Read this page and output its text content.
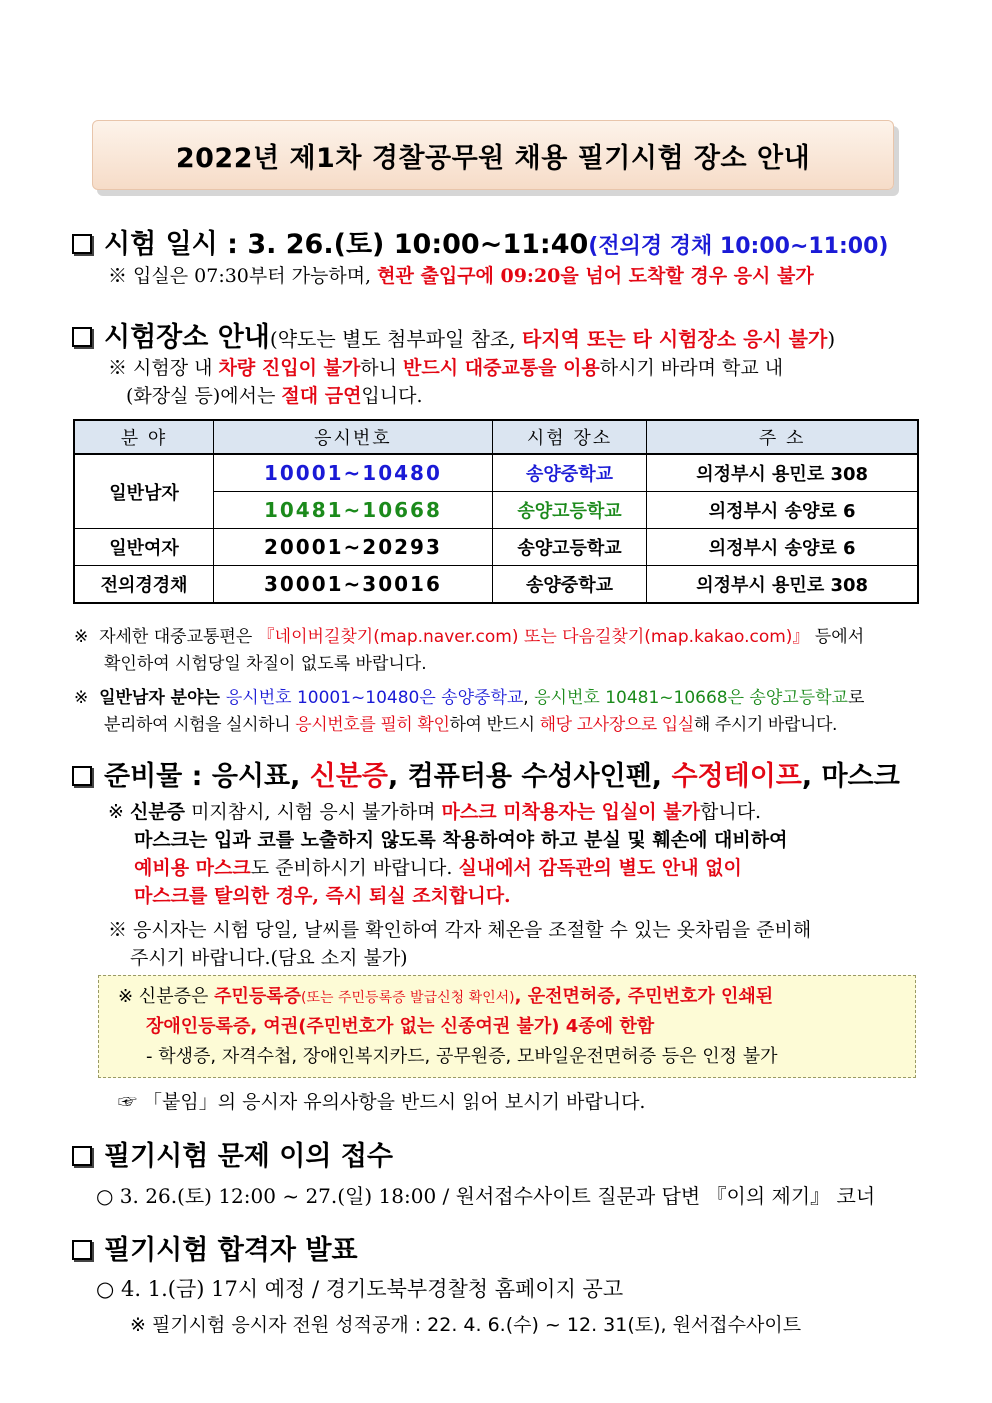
2022년 제1차 경찰공무원 채용 필기시험 장소 안내
시험 일시 : 3. 26.(토) 10:00~11:40(전의경 경채 10:00~11:00)
※ 입실은 07:30부터 가능하며, 현관 출입구에 09:20을 넘어 도착할 경우 응시 불가
시험장소 안내(약도는 별도 첨부파일 참조, 타지역 또는 타 시험장소 응시 불가)
※ 시험장 내 차량 진입이 불가하니 반드시 대중교통을 이용하시기 바라며 학교 내
(화장실 등)에서는 절대 금연입니다.
분 야	응시번호	시험 장소	주 소
일반남자	10001~10480	송양중학교	의정부시 용민로 308
	10481~10668	송양고등학교	의정부시 송양로 6
일반여자	20001~20293	송양고등학교	의정부시 송양로 6
전의경경채	30001~30016	송양중학교	의정부시 용민로 308
※ 자세한 대중교통편은 『네이버길찾기(map.naver.com) 또는 다음길찾기(map.kakao.com)』 등에서
확인하여 시험당일 차질이 없도록 바랍니다.
※ 일반남자 분야는 응시번호 10001~10480은 송양중학교, 응시번호 10481~10668은 송양고등학교로
분리하여 시험을 실시하니 응시번호를 필히 확인하여 반드시 해당 고사장으로 입실해 주시기 바랍니다.
준비물 : 응시표, 신분증, 컴퓨터용 수성사인펜, 수정테이프, 마스크
※ 신분증 미지참시, 시험 응시 불가하며 마스크 미착용자는 입실이 불가합니다.
마스크는 입과 코를 노출하지 않도록 착용하여야 하고 분실 및 훼손에 대비하여
예비용 마스크도 준비하시기 바랍니다. 실내에서 감독관의 별도 안내 없이
마스크를 탈의한 경우, 즉시 퇴실 조치합니다.
※ 응시자는 시험 당일, 날씨를 확인하여 각자 체온을 조절할 수 있는 옷차림을 준비해
주시기 바랍니다.(담요 소지 불가)
※ 신분증은 주민등록증(또는 주민등록증 발급신청 확인서), 운전면허증, 주민번호가 인쇄된
장애인등록증, 여권(주민번호가 없는 신종여권 불가) 4종에 한함
- 학생증, 자격수첩, 장애인복지카드, 공무원증, 모바일운전면허증 등은 인정 불가
☞ 「붙임」의 응시자 유의사항을 반드시 읽어 보시기 바랍니다.
필기시험 문제 이의 접수
○ 3. 26.(토) 12:00 ~ 27.(일) 18:00 / 원서접수사이트 질문과 답변 『이의 제기』 코너
필기시험 합격자 발표
○ 4. 1.(금) 17시 예정 / 경기도북부경찰청 홈페이지 공고
※ 필기시험 응시자 전원 성적공개 : 22. 4. 6.(수) ~ 12. 31(토), 원서접수사이트
